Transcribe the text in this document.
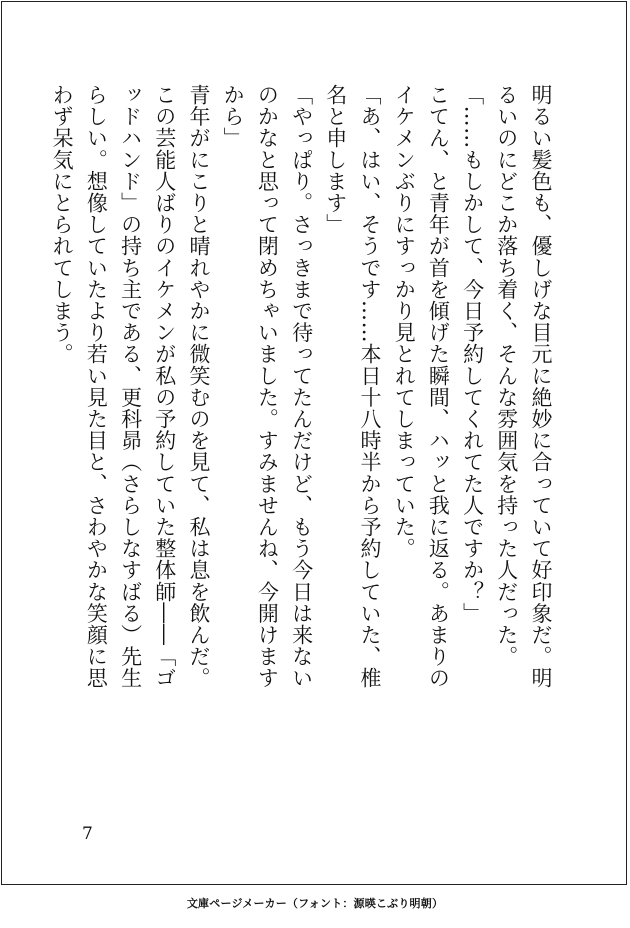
明るい髪色も、優しげな目元に絶妙に合っていて好印象だ。明るいのにどこか落ち着く、そんな雰囲気を持った人だった。

「……もしかして、今日予約してくれてた人ですか？」

こてん、と青年が首を傾げた瞬間、ハッと我に返る。あまりのイケメンぶりにすっかり見とれてしまっていた。

「あ、はい、そうです……本日十八時半から予約していた、椎名と申します」

「やっぱり。さっきまで待ってたんだけど、もう今日は来ないのかなと思って閉めちゃいました。すみませんね、今開けますから」

青年がにこりと晴れやかに微笑むのを見て、私は息を飲んだ。この芸能人ばりのイケメンが私の予約していた整体師――「ゴッドハンド」の持ち主である、更科昴（さらしなすばる）先生らしい。想像していたより若い見た目と、さわやかな笑顔に思わず呆気にとられてしまう。

7
文庫ページメーカー（フォント：源暎こぶり明朝）
